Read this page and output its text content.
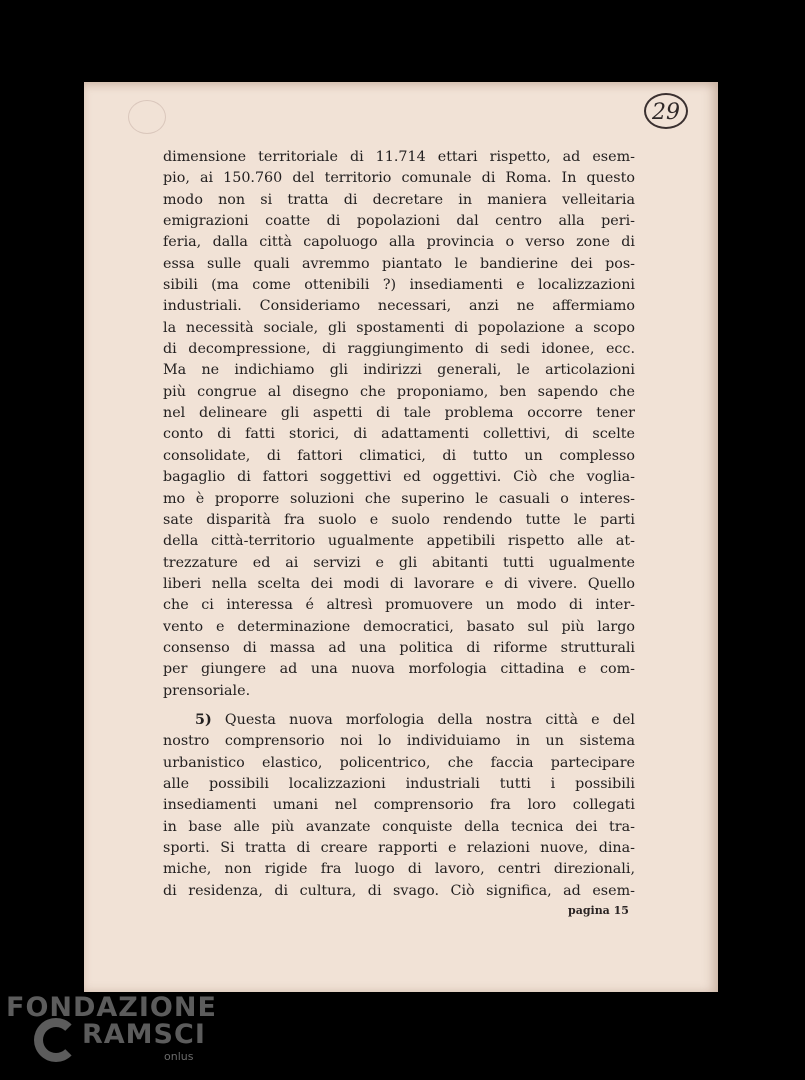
29
dimensione territoriale di 11.714 ettari rispetto, ad esem-
pio, ai 150.760 del territorio comunale di Roma. In questo
modo non si tratta di decretare in maniera velleitaria
emigrazioni coatte di popolazioni dal centro alla peri-
feria, dalla città capoluogo alla provincia o verso zone di
essa sulle quali avremmo piantato le bandierine dei pos-
sibili (ma come ottenibili ?) insediamenti e localizzazioni
industriali. Consideriamo necessari, anzi ne affermiamo
la necessità sociale, gli spostamenti di popolazione a scopo
di decompressione, di raggiungimento di sedi idonee, ecc.
Ma ne indichiamo gli indirizzi generali, le articolazioni
più congrue al disegno che proponiamo, ben sapendo che
nel delineare gli aspetti di tale problema occorre tener
conto di fatti storici, di adattamenti collettivi, di scelte
consolidate, di fattori climatici, di tutto un complesso
bagaglio di fattori soggettivi ed oggettivi. Ciò che voglia-
mo è proporre soluzioni che superino le casuali o interes-
sate disparità fra suolo e suolo rendendo tutte le parti
della città-territorio ugualmente appetibili rispetto alle at-
trezzature ed ai servizi e gli abitanti tutti ugualmente
liberi nella scelta dei modi di lavorare e di vivere. Quello
che ci interessa é altresì promuovere un modo di inter-
vento e determinazione democratici, basato sul più largo
consenso di massa ad una politica di riforme strutturali
per giungere ad una nuova morfologia cittadina e com-
prensoriale.
5) Questa nuova morfologia della nostra città e del
nostro comprensorio noi lo individuiamo in un sistema
urbanistico elastico, policentrico, che faccia partecipare
alle possibili localizzazioni industriali tutti i possibili
insediamenti umani nel comprensorio fra loro collegati
in base alle più avanzate conquiste della tecnica dei tra-
sporti. Si tratta di creare rapporti e relazioni nuove, dina-
miche, non rigide fra luogo di lavoro, centri direzionali,
di residenza, di cultura, di svago. Ciò significa, ad esem-
pagina 15
FONDAZIONE
RAMSCI
onlus
